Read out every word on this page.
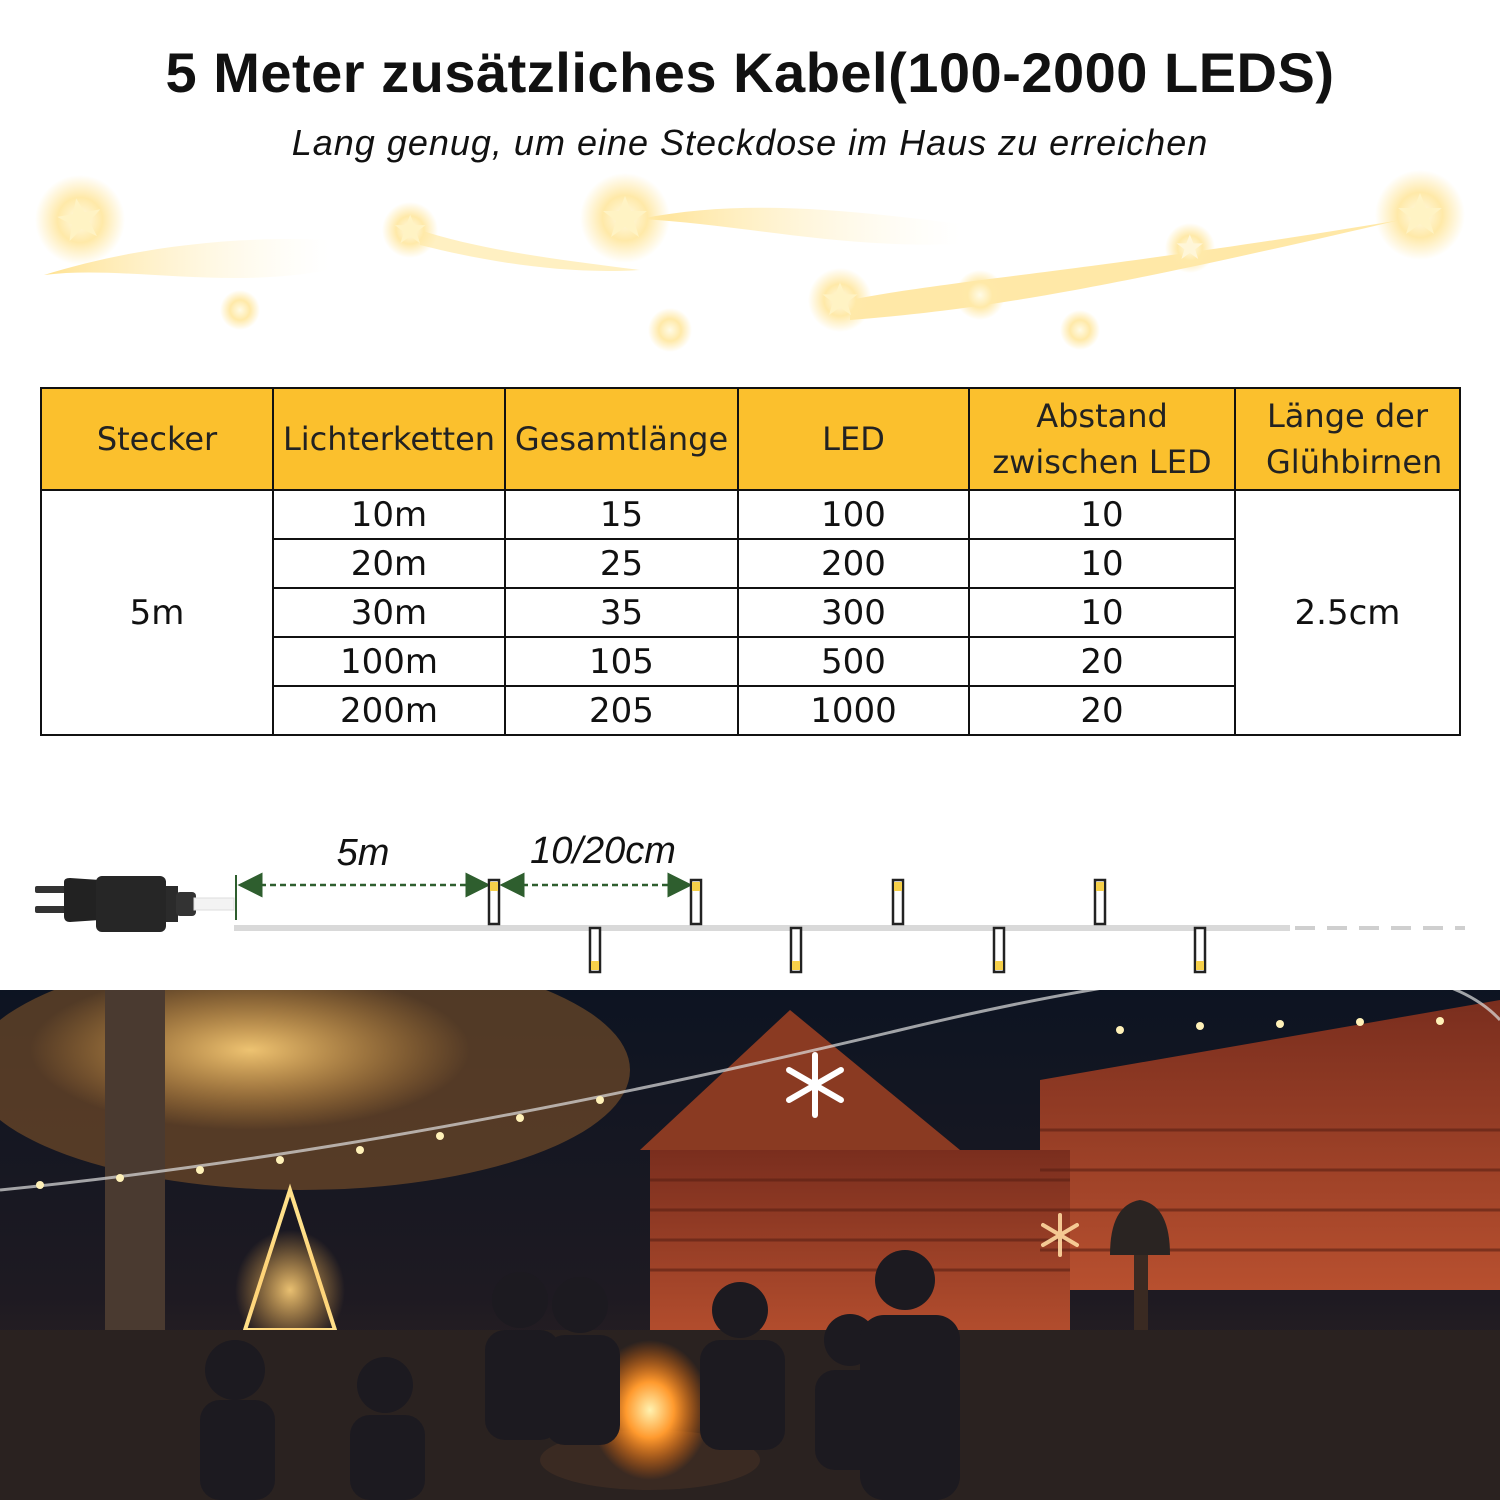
5 Meter zusätzliches Kabel(100-2000 LEDS)
Lang genug, um eine Steckdose im Haus zu erreichen
Stecker	Lichterketten	Gesamtlänge	LED	Abstand zwischen LED	Länge der Glühbirnen
5m	10m	15	100	10	2.5cm
	20m	25	200	10	
	30m	35	300	10	
	100m	105	500	20	
	200m	205	1000	20	
5m	10/20cm
